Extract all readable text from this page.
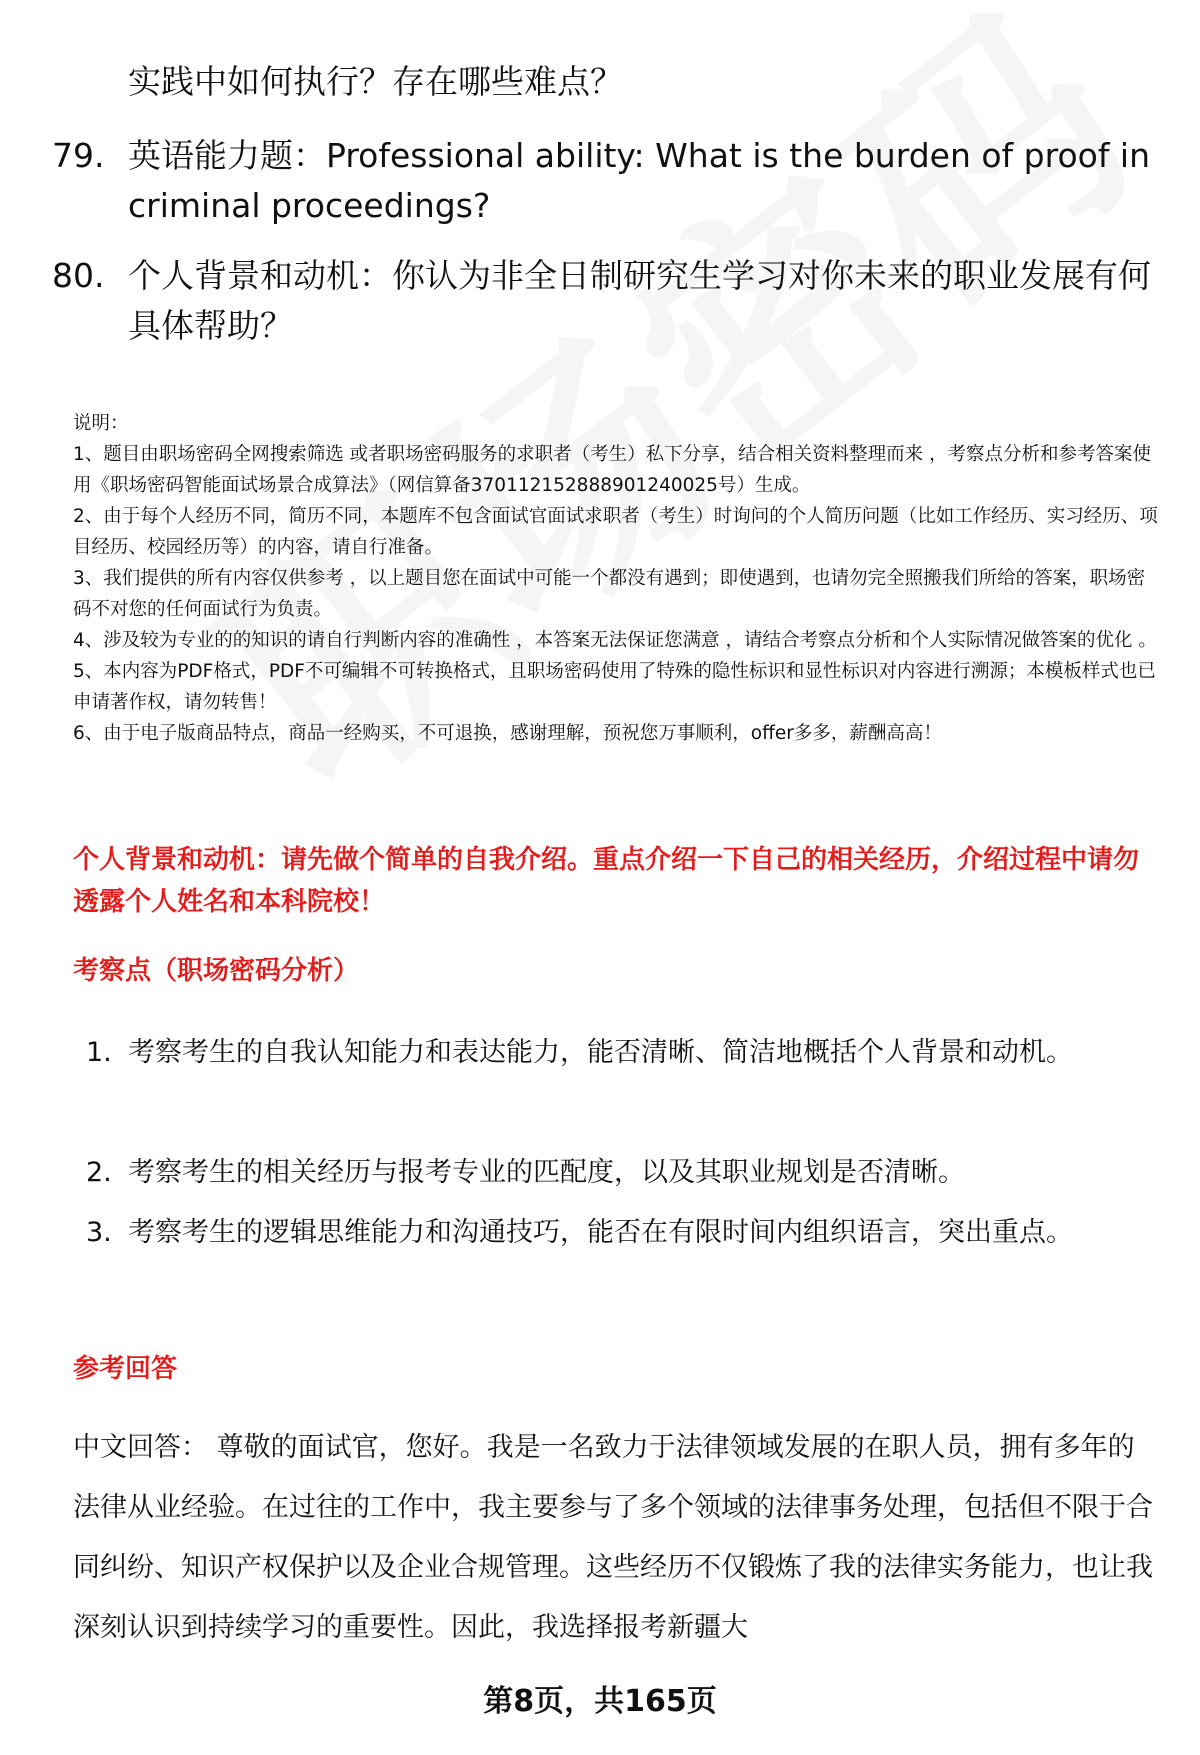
实践中如何执行？存在哪些难点？
79. 英语能力题：Professional ability: What is the burden of proof in criminal proceedings?
80. 个人背景和动机：你认为非全日制研究生学习对你未来的职业发展有何具体帮助？
说明：
1、题目由职场密码全网搜索筛选 或者职场密码服务的求职者（考生）私下分享，结合相关资料整理而来 ，考察点分析和参考答案使用《职场密码智能面试场景合成算法》（网信算备370112152888901240025号）生成。
2、由于每个人经历不同，简历不同，本题库不包含面试官面试求职者（考生）时询问的个人简历问题（比如工作经历、实习经历、项目经历、校园经历等）的内容，请自行准备。
3、我们提供的所有内容仅供参考 ，以上题目您在面试中可能一个都没有遇到；即使遇到，也请勿完全照搬我们所给的答案，职场密码不对您的任何面试行为负责。
4、涉及较为专业的的知识的请自行判断内容的准确性 ，本答案无法保证您满意 ，请结合考察点分析和个人实际情况做答案的优化 。
5、本内容为PDF格式，PDF不可编辑不可转换格式，且职场密码使用了特殊的隐性标识和显性标识对内容进行溯源；本模板样式也已申请著作权，请勿转售！
6、由于电子版商品特点，商品一经购买，不可退换，感谢理解，预祝您万事顺利，offer多多，薪酬高高！
个人背景和动机：请先做个简单的自我介绍。重点介绍一下自己的相关经历，介绍过程中请勿透露个人姓名和本科院校！
考察点（职场密码分析）
1. 考察考生的自我认知能力和表达能力，能否清晰、简洁地概括个人背景和动机。
2. 考察考生的相关经历与报考专业的匹配度，以及其职业规划是否清晰。
3. 考察考生的逻辑思维能力和沟通技巧，能否在有限时间内组织语言，突出重点。
参考回答
中文回答： 尊敬的面试官，您好。我是一名致力于法律领域发展的在职人员，拥有多年的法律从业经验。在过往的工作中，我主要参与了多个领域的法律事务处理，包括但不限于合同纠纷、知识产权保护以及企业合规管理。这些经历不仅锻炼了我的法律实务能力，也让我深刻认识到持续学习的重要性。因此，我选择报考新疆大
第8页，共165页
